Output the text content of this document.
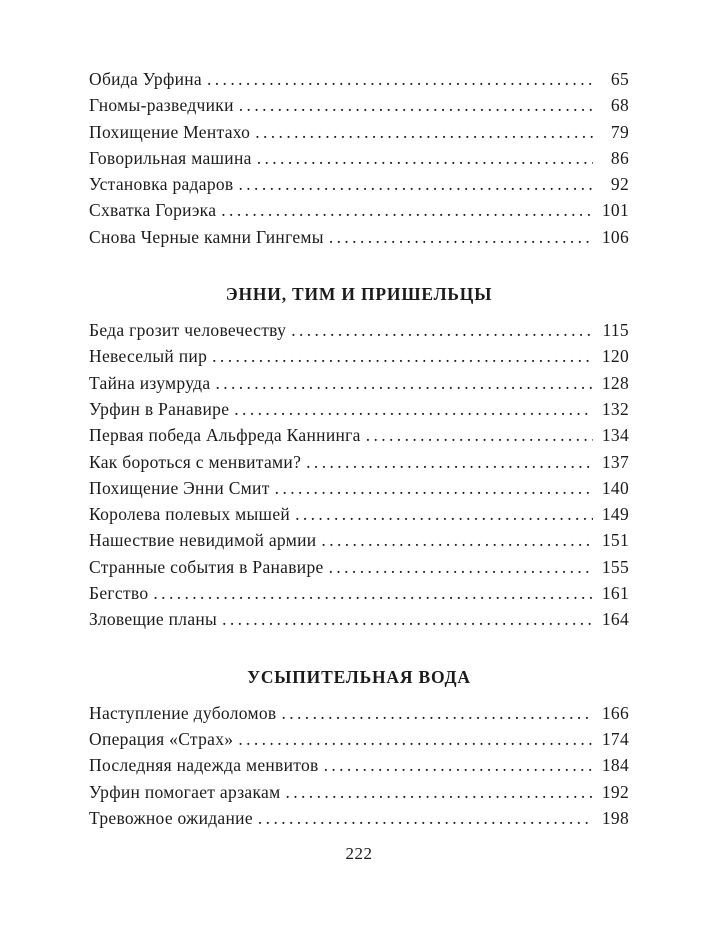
Обида Урфина .....	65
Гномы-разведчики .....	68
Похищение Ментахо .....	79
Говорильная машина .....	86
Установка радаров .....	92
Схватка Гориэка .....	101
Снова Черные камни Гингемы .....	106
ЭННИ, ТИМ И ПРИШЕЛЬЦЫ
Беда грозит человечеству .....	115
Невеселый пир .....	120
Тайна изумруда .....	128
Урфин в Ранавире .....	132
Первая победа Альфреда Каннинга .....	134
Как бороться с менвитами? .....	137
Похищение Энни Смит .....	140
Королева полевых мышей .....	149
Нашествие невидимой армии .....	151
Странные события в Ранавире .....	155
Бегство .....	161
Зловещие планы .....	164
УСЫПИТЕЛЬНАЯ ВОДА
Наступление дуболомов .....	166
Операция «Страх» .....	174
Последняя надежда менвитов .....	184
Урфин помогает арзакам .....	192
Тревожное ожидание .....	198
222
